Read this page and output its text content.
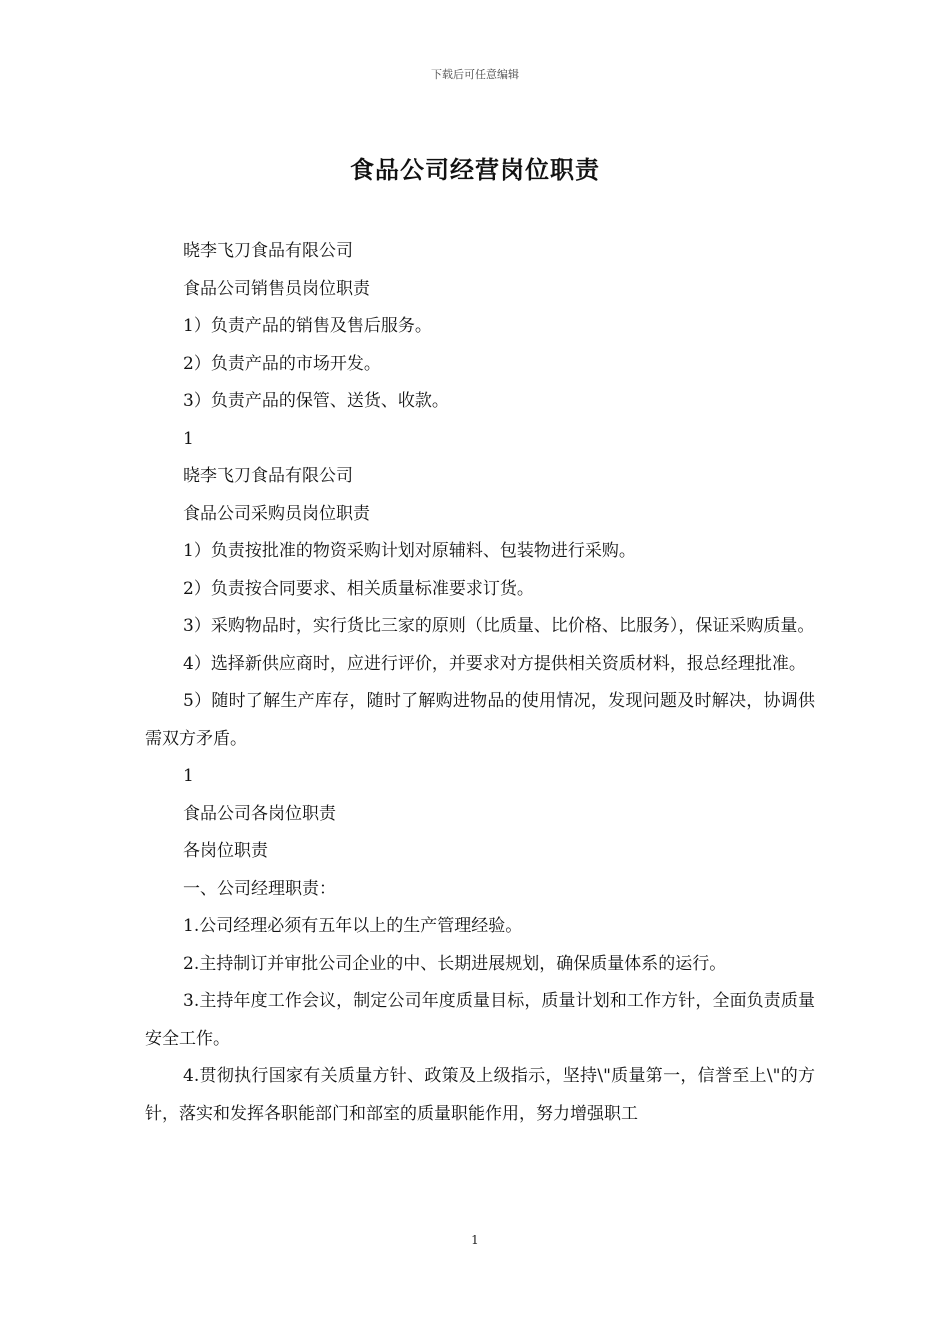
下载后可任意编辑
食品公司经营岗位职责

晓李飞刀食品有限公司

食品公司销售员岗位职责

1）负责产品的销售及售后服务。

2）负责产品的市场开发。

3）负责产品的保管、送货、收款。

1

晓李飞刀食品有限公司

食品公司采购员岗位职责

1）负责按批准的物资采购计划对原辅料、包装物进行采购。

2）负责按合同要求、相关质量标准要求订货。

3）采购物品时，实行货比三家的原则（比质量、比价格、比服务），保证采购质量。

4）选择新供应商时，应进行评价，并要求对方提供相关资质材料，报总经理批准。

5）随时了解生产库存，随时了解购进物品的使用情况，发现问题及时解决，协调供需双方矛盾。

1

食品公司各岗位职责

各岗位职责

一、公司经理职责：

1.公司经理必须有五年以上的生产管理经验。

2.主持制订并审批公司企业的中、长期进展规划，确保质量体系的运行。

3.主持年度工作会议，制定公司年度质量目标，质量计划和工作方针，全面负责质量安全工作。

4.贯彻执行国家有关质量方针、政策及上级指示，坚持\"质量第一，信誉至上\"的方针，落实和发挥各职能部门和部室的质量职能作用，努力增强职工

1
